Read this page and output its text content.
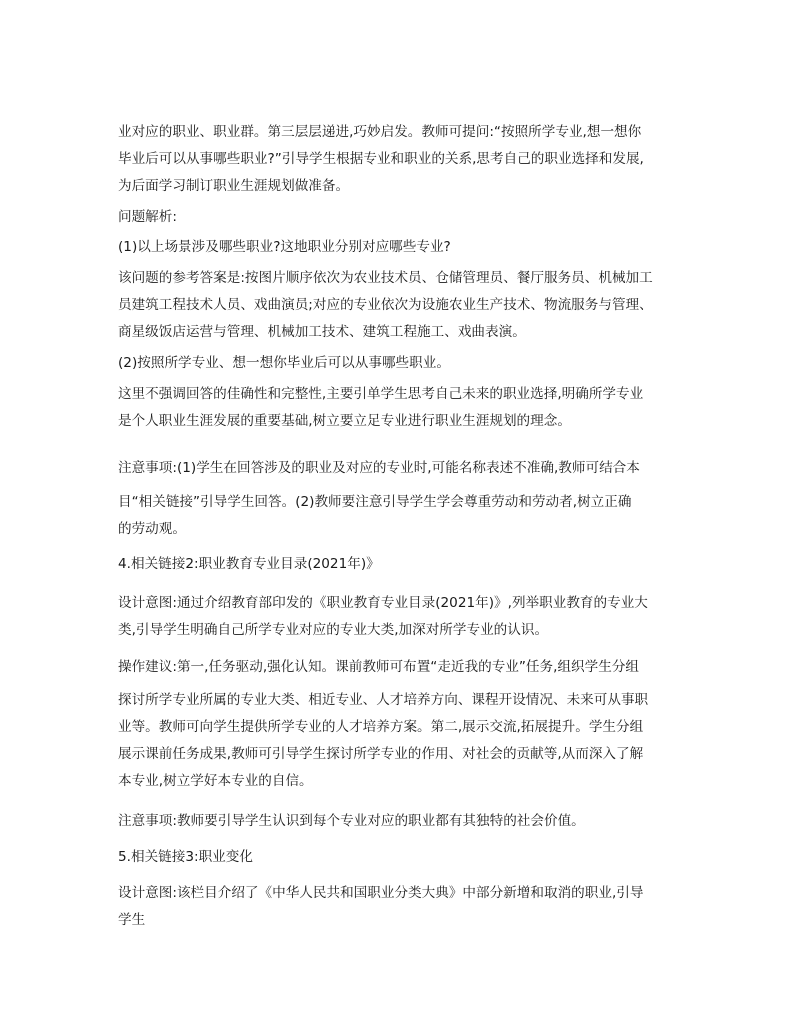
业对应的职业、职业群。第三层层递进,巧妙启发。教师可提问:“按照所学专业,想一想你
毕业后可以从事哪些职业?”引导学生根据专业和职业的关系,思考自己的职业选择和发展,
为后面学习制订职业生涯规划做准备。
问题解析:
(1)以上场景涉及哪些职业?这地职业分别对应哪些专业?
该问题的参考答案是:按图片顺序依次为农业技术员、仓储管理员、餐厅服务员、机械加工
员建筑工程技术人员、戏曲演员;对应的专业依次为设施农业生产技术、物流服务与管理、
商星级饭店运营与管理、机械加工技术、建筑工程施工、戏曲表演。
(2)按照所学专业、想一想你毕业后可以从事哪些职业。
这里不强调回答的佳确性和完整性,主要引单学生思考自己未来的职业选择,明确所学专业
是个人职业生涯发展的重要基础,树立要立足专业进行职业生涯规划的理念。
注意事项:(1)学生在回答涉及的职业及对应的专业时,可能名称表述不准确,教师可结合本
目“相关链接”引导学生回答。(2)教师要注意引导学生学会尊重劳动和劳动者,树立正确
的劳动观。
4.相关链接2:职业教育专业目录(2021年)》
设计意图:通过介绍教育部印发的《职业教育专业目录(2021年)》,列举职业教育的专业大
类,引导学生明确自己所学专业对应的专业大类,加深对所学专业的认识。
操作建议:第一,任务驱动,强化认知。课前教师可布置“走近我的专业”任务,组织学生分组
探讨所学专业所属的专业大类、相近专业、人才培养方向、课程开设情况、未来可从事职
业等。教师可向学生提供所学专业的人才培养方案。第二,展示交流,拓展提升。学生分组
展示课前任务成果,教师可引导学生探讨所学专业的作用、对社会的贡献等,从而深入了解
本专业,树立学好本专业的自信。
注意事项:教师要引导学生认识到每个专业对应的职业都有其独特的社会价值。
5.相关链接3:职业变化
设计意图:该栏目介绍了《中华人民共和国职业分类大典》中部分新增和取消的职业,引导
学生
